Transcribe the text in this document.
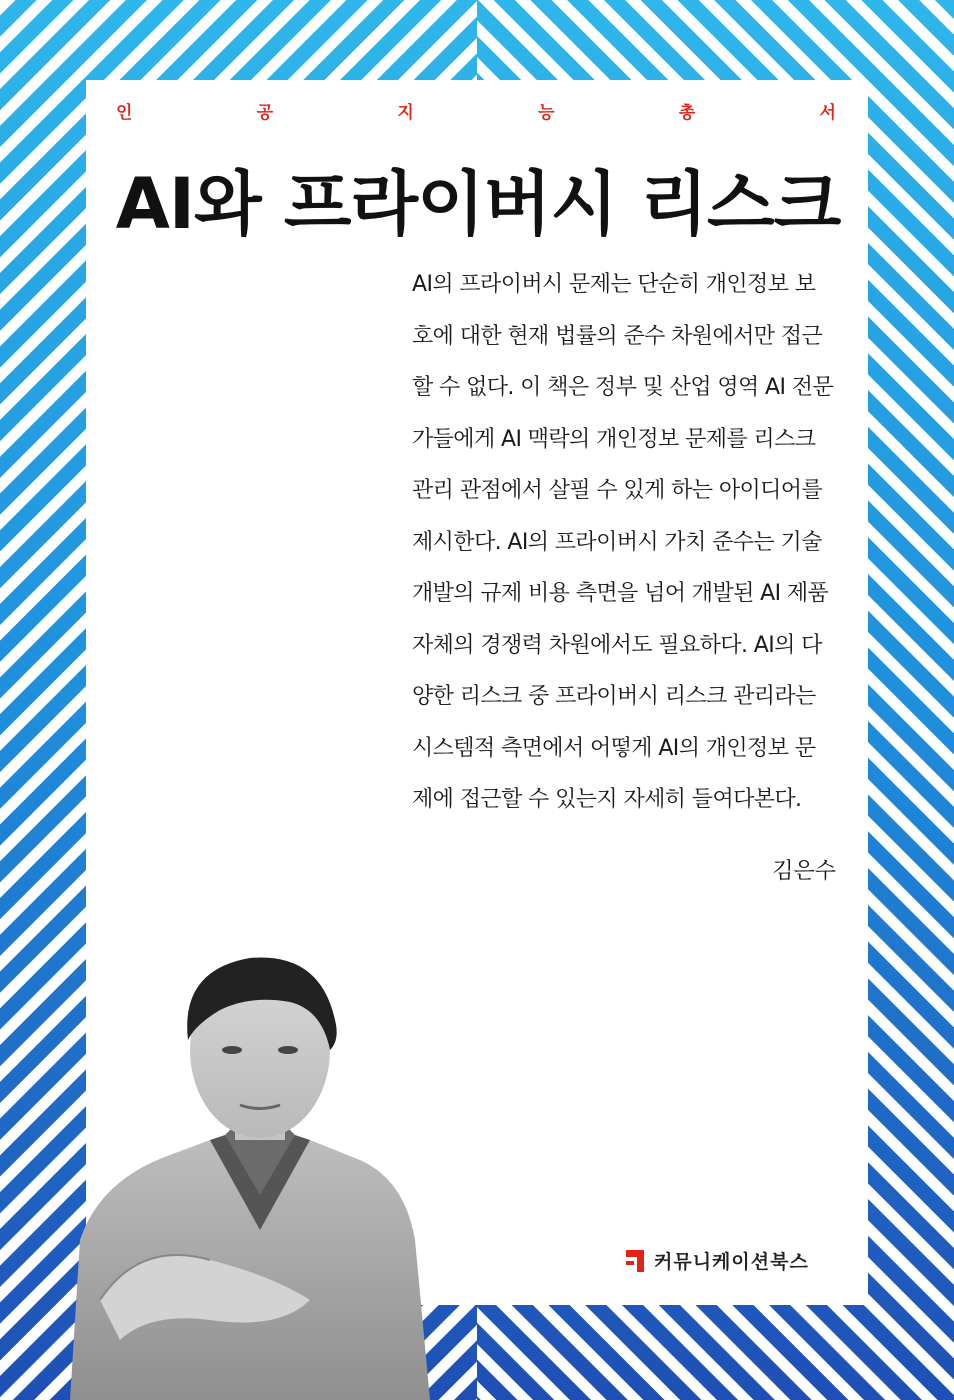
인	공	지	능	총	서
AI와 프라이버시 리스크

AI의 프라이버시 문제는 단순히 개인정보 보

호에 대한 현재 법률의 준수 차원에서만 접근

할 수 없다. 이 책은 정부 및 산업 영역 AI 전문

가들에게 AI 맥락의 개인정보 문제를 리스크

관리 관점에서 살필 수 있게 하는 아이디어를

제시한다. AI의 프라이버시 가치 준수는 기술

개발의 규제 비용 측면을 넘어 개발된 AI 제품

자체의 경쟁력 차원에서도 필요하다. AI의 다

양한 리스크 중 프라이버시 리스크 관리라는

시스템적 측면에서 어떻게 AI의 개인정보 문

제에 접근할 수 있는지 자세히 들여다본다.

김은수
커뮤니케이션북스
